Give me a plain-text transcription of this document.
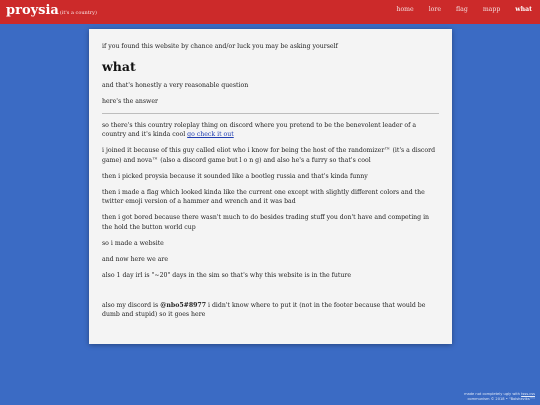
proysia(it's a country)	home lore flag mapp what

if you found this website by chance and/or luck you may be asking yourself

what

and that's honestly a very reasonable question

here's the answer

so there's this country roleplay thing on discord where you pretend to be the benevolent leader of a country and it's kinda cool go check it out

i joined it because of this guy called eliot who i know for being the host of the randomizer™ (it's a discord game) and nova™ (also a discord game but l o n g) and also he's a furry so that's cool

then i picked proysia because it sounded like a bootleg russia and that's kinda funny

then i made a flag which looked kinda like the current one except with slightly different colors and the twitter emoji version of a hammer and wrench and it was bad

then i got bored because there wasn't much to do besides trading stuff you don't have and competing in the hold the button world cup

so i made a website

and now here we are

also 1 day irl is "~20" days in the sim so that's why this website is in the future

also my discord is @nbo5#8977 i didn't know where to put it (not in the footer because that would be dumb and stupid) so it goes here

made not completely ugly with tsss.css
communism © 2018 • "Bolsheviks™"
